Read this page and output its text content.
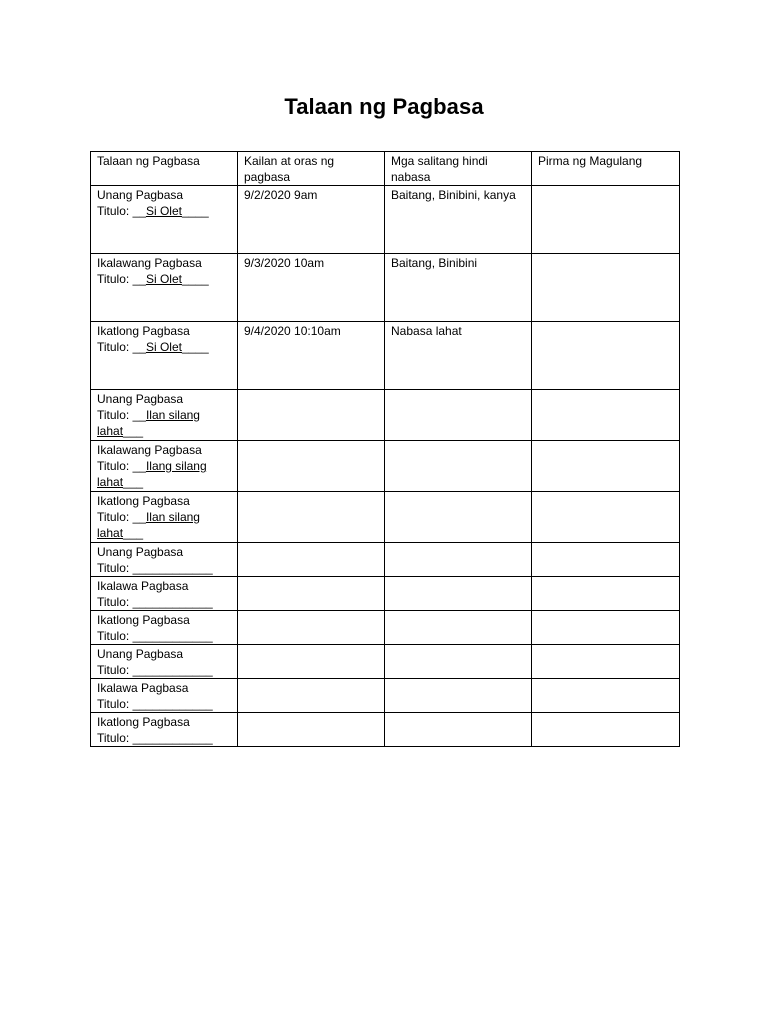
Talaan ng Pagbasa
Talaan ng Pagbasa	Kailan at oras ng pagbasa	Mga salitang hindi nabasa	Pirma ng Magulang

Unang Pagbasa
Titulo: __Si Olet____	9/2/2020 9am	Baitang, Binibini, kanya	

Ikalawang Pagbasa
Titulo: __Si Olet____	9/3/2020 10am	Baitang, Binibini	

Ikatlong Pagbasa
Titulo: __Si Olet____	9/4/2020 10:10am	Nabasa lahat	

Unang Pagbasa
Titulo: __Ilan silang lahat___			

Ikalawang Pagbasa
Titulo: __Ilang silang lahat___			

Ikatlong Pagbasa
Titulo: __Ilan silang lahat___			

Unang Pagbasa
Titulo: ____________			

Ikalawa Pagbasa
Titulo: ____________			

Ikatlong Pagbasa
Titulo: ____________			

Unang Pagbasa
Titulo: ____________			

Ikalawa Pagbasa
Titulo: ____________			

Ikatlong Pagbasa
Titulo: ____________			
